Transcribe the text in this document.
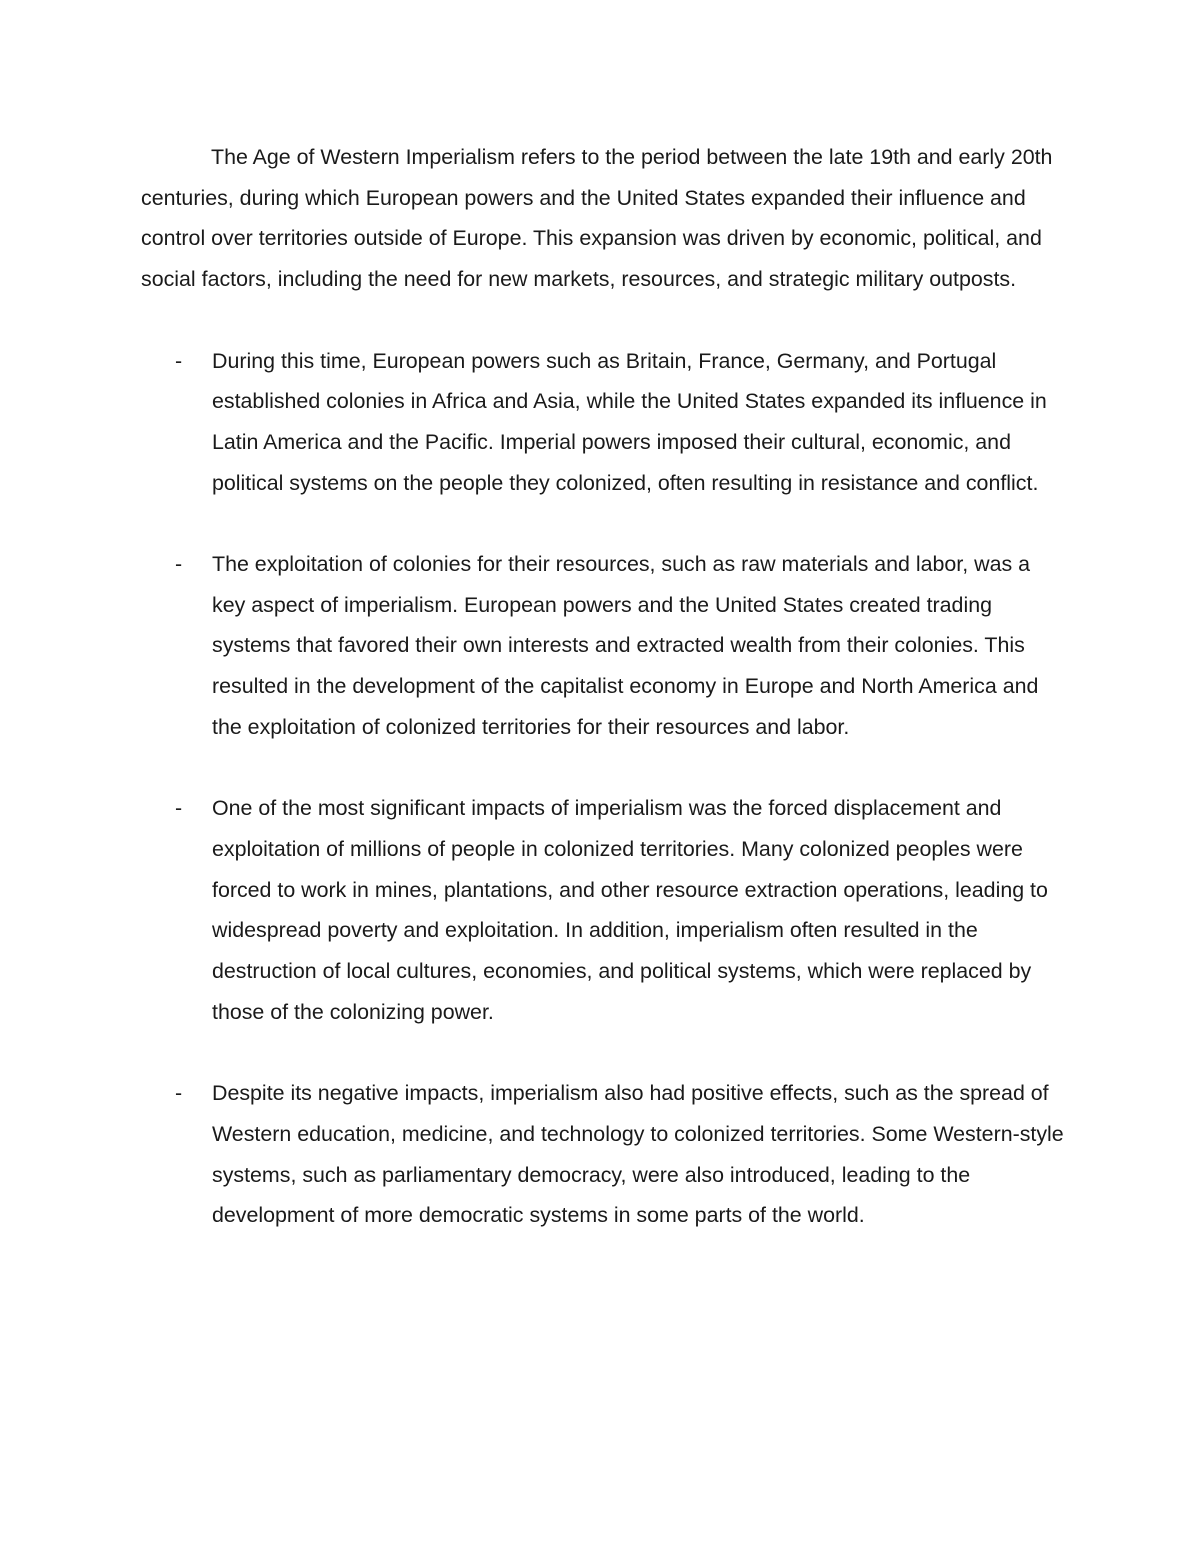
The Age of Western Imperialism refers to the period between the late 19th and early 20th centuries, during which European powers and the United States expanded their influence and control over territories outside of Europe. This expansion was driven by economic, political, and social factors, including the need for new markets, resources, and strategic military outposts.

- During this time, European powers such as Britain, France, Germany, and Portugal established colonies in Africa and Asia, while the United States expanded its influence in Latin America and the Pacific. Imperial powers imposed their cultural, economic, and political systems on the people they colonized, often resulting in resistance and conflict.
- The exploitation of colonies for their resources, such as raw materials and labor, was a key aspect of imperialism. European powers and the United States created trading systems that favored their own interests and extracted wealth from their colonies. This resulted in the development of the capitalist economy in Europe and North America and the exploitation of colonized territories for their resources and labor.
- One of the most significant impacts of imperialism was the forced displacement and exploitation of millions of people in colonized territories. Many colonized peoples were forced to work in mines, plantations, and other resource extraction operations, leading to widespread poverty and exploitation. In addition, imperialism often resulted in the destruction of local cultures, economies, and political systems, which were replaced by those of the colonizing power.
- Despite its negative impacts, imperialism also had positive effects, such as the spread of Western education, medicine, and technology to colonized territories. Some Western-style systems, such as parliamentary democracy, were also introduced, leading to the development of more democratic systems in some parts of the world.
